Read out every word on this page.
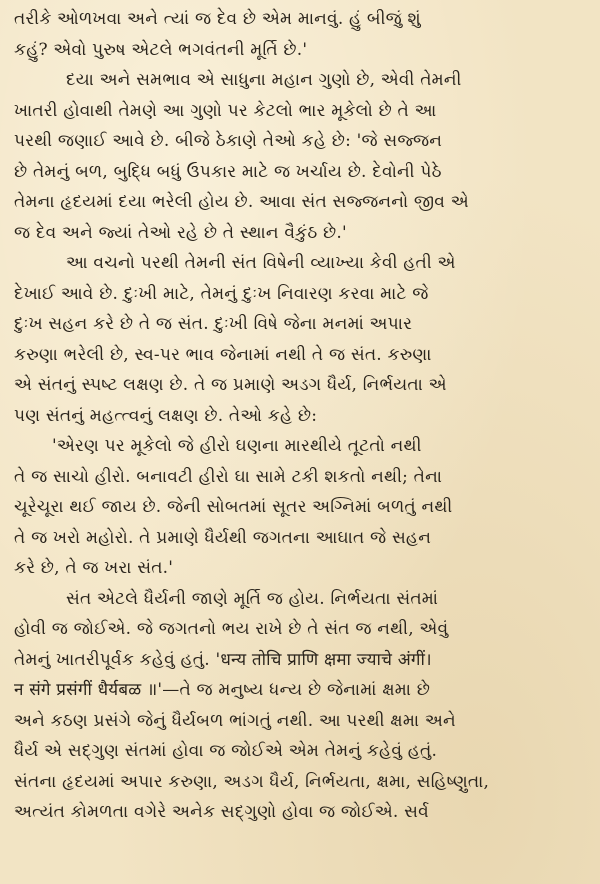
તરીકે ઓળખવા અને ત્યાં જ દેવ છે એમ માનવું. હું બીજું શું
કહું? એવો પુરુષ એટલે ભગવંતની મૂર્તિ છે.'
દયા અને સમભાવ એ સાધુના મહાન ગુણો છે, એવી તેમની
ખાતરી હોવાથી તેમણે આ ગુણો પર કેટલો ભાર મૂકેલો છે તે આ
પરથી જણાઈ આવે છે. બીજે ઠેકાણે તેઓ કહે છે: 'જે સજ્જન
છે તેમનું બળ, બુદ્ધિ બધું ઉપકાર માટે જ ખર્ચાય છે. દેવોની પેઠે
તેમના હૃદયમાં દયા ભરેલી હોય છે. આવા સંત સજ્જનનો જીવ એ
જ દેવ અને જ્યાં તેઓ રહે છે તે સ્થાન વૈકુંઠ છે.'
આ વચનો પરથી તેમની સંત વિષેની વ્યાખ્યા કેવી હતી એ
દેખાઈ આવે છે. દુઃખી માટે, તેમનું દુઃખ નિવારણ કરવા માટે જે
દુઃખ સહન કરે છે તે જ સંત. દુઃખી વિષે જેના મનમાં અપાર
કરુણા ભરેલી છે, સ્વ-પર ભાવ જેનામાં નથી તે જ સંત. કરુણા
એ સંતનું સ્પષ્ટ લક્ષણ છે. તે જ પ્રમાણે અડગ ધૈર્ય, નિર્ભયતા એ
પણ સંતનું મહત્ત્વનું લક્ષણ છે. તેઓ કહે છે:
'એરણ પર મૂકેલો જે હીરો ઘણના મારથીયે તૂટતો નથી
તે જ સાચો હીરો. બનાવટી હીરો ઘા સામે ટકી શકતો નથી; તેના
ચૂરેચૂરા થઈ જાય છે. જેની સોબતમાં સૂતર અગ્નિમાં બળતું નથી
તે જ ખરો મહોરો. તે પ્રમાણે ધૈર્યથી જગતના આઘાત જે સહન
કરે છે, તે જ ખરા સંત.'
સંત એટલે ધૈર્યની જાણે મૂર્તિ જ હોય. નિર્ભયતા સંતમાં
હોવી જ જોઈએ. જે જગતનો ભય રાખે છે તે સંત જ નથી, એવું
તેમનું ખાતરીપૂર્વક કહેવું હતું. 'धन्य तोचि प्राणि क्षमा ज्याचे अंगीं।
न संगे प्रसंगीं धैर्यबळ ॥'—તે જ મનુષ્ય ધન્ય છે જેનામાં ક્ષમા છે
અને કઠણ પ્રસંગે જેનું ધૈર્યબળ ભાંગતું નથી. આ પરથી ક્ષમા અને
ધૈર્ય એ સદ્ગુણ સંતમાં હોવા જ જોઈએ એમ તેમનું કહેવું હતું.
સંતના હૃદયમાં અપાર કરુણા, અડગ ધૈર્ય, નિર્ભયતા, ક્ષમા, સહિષ્ણુતા,
અત્યંત કોમળતા વગેરે અનેક સદ્ગુણો હોવા જ જોઈએ. સર્વ
